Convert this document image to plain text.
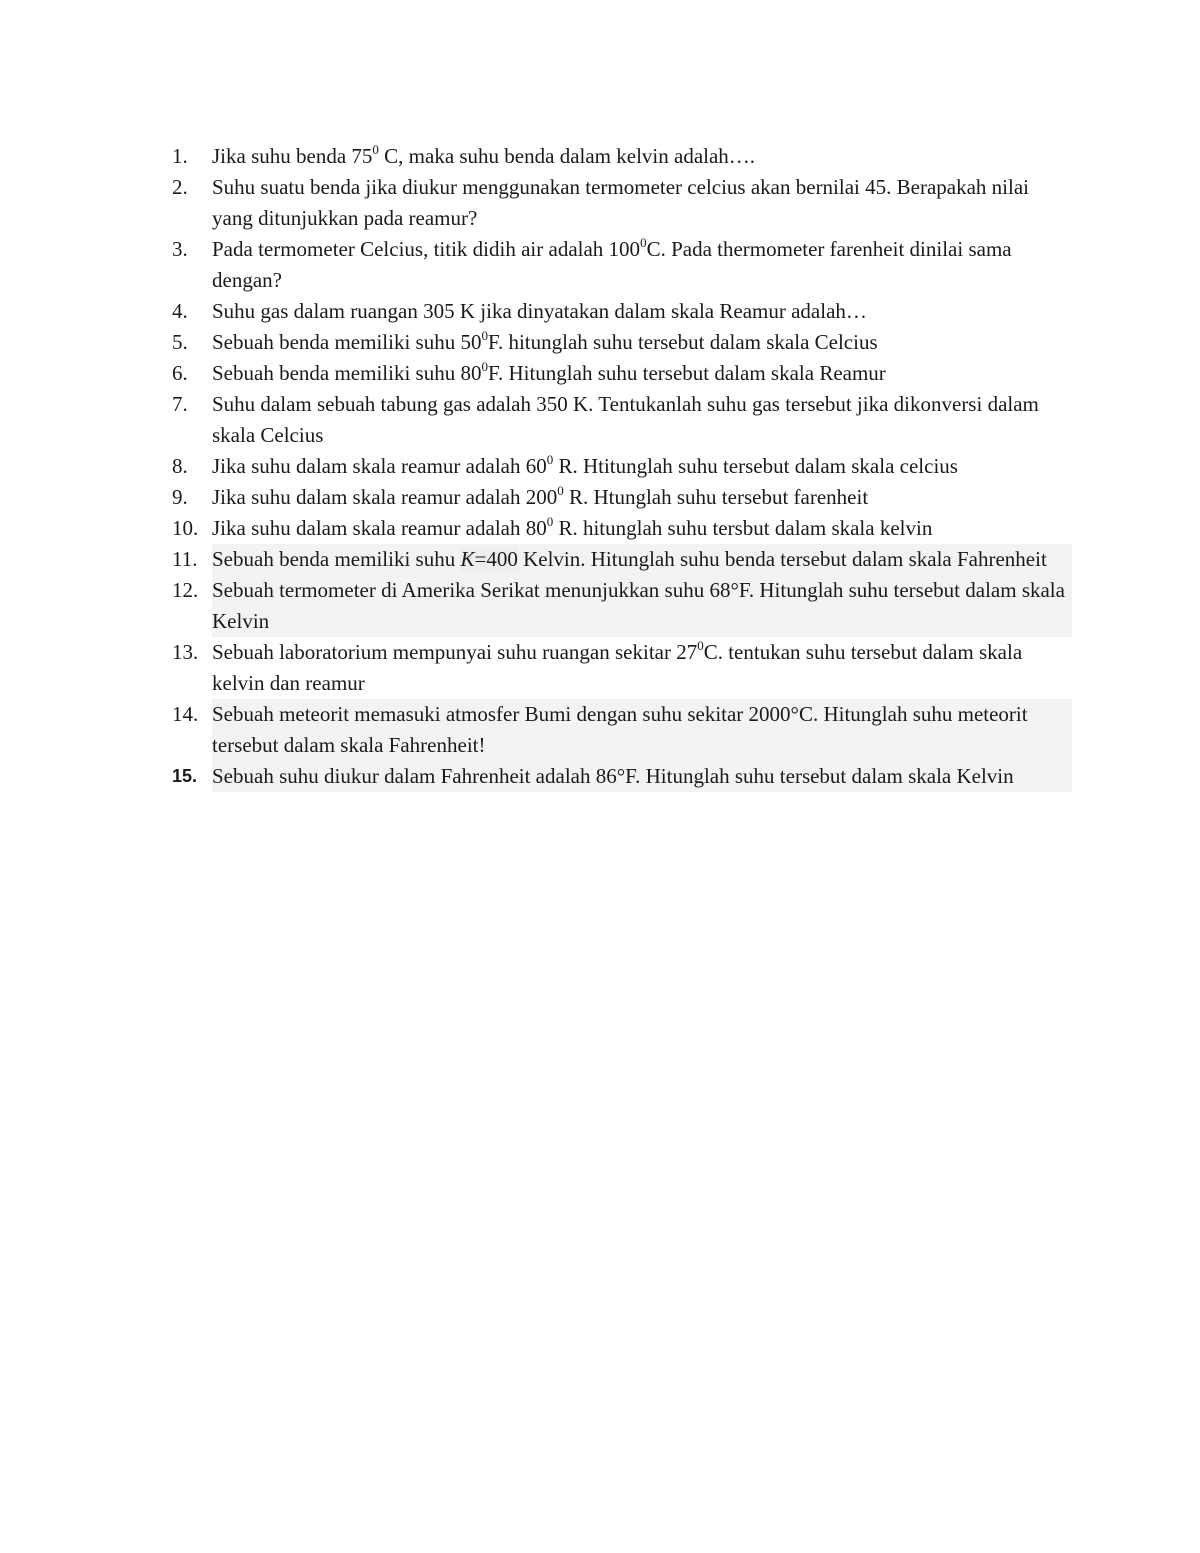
1.	Jika suhu benda $75^0$ C, maka suhu benda dalam kelvin adalah….
2.	Suhu suatu benda jika diukur menggunakan termometer celcius akan bernilai 45. Berapakah nilai yang ditunjukkan pada reamur?
3.	Pada termometer Celcius, titik didih air adalah $100^0C$. Pada thermometer farenheit dinilai sama dengan?
4.	Suhu gas dalam ruangan 305 K jika dinyatakan dalam skala Reamur adalah…
5.	Sebuah benda memiliki suhu $50^0F$. hitunglah suhu tersebut dalam skala Celcius
6.	Sebuah benda memiliki suhu $80^0F$. Hitunglah suhu tersebut dalam skala Reamur
7.	Suhu dalam sebuah tabung gas adalah 350 K. Tentukanlah suhu gas tersebut jika dikonversi dalam skala Celcius
8.	Jika suhu dalam skala reamur adalah $60^0$ R. Htitunglah suhu tersebut dalam skala celcius
9.	Jika suhu dalam skala reamur adalah $200^0$ R. Htunglah suhu tersebut farenheit
10. Jika suhu dalam skala reamur adalah $80^0$ R. hitunglah suhu tersbut dalam skala kelvin
11. Sebuah benda memiliki suhu K=400 Kelvin. Hitunglah suhu benda tersebut dalam skala Fahrenheit
12. Sebuah termometer di Amerika Serikat menunjukkan suhu 68°F. Hitunglah suhu tersebut dalam skala Kelvin
13. Sebuah laboratorium mempunyai suhu ruangan sekitar $27^0C$. tentukan suhu tersebut dalam skala kelvin dan reamur
14. Sebuah meteorit memasuki atmosfer Bumi dengan suhu sekitar 2000°C. Hitunglah suhu meteorit tersebut dalam skala Fahrenheit!
15. Sebuah suhu diukur dalam Fahrenheit adalah 86°F. Hitunglah suhu tersebut dalam skala Kelvin
